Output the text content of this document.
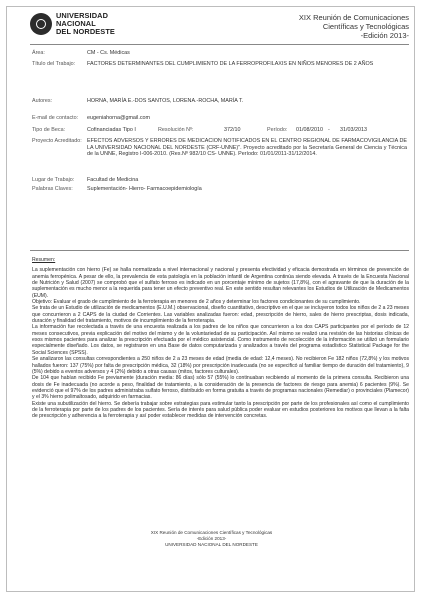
UNIVERSIDAD
NACIONAL
DEL NORDESTE
XIX Reunión de Comunicaciones
Científicas y Tecnológicas
-Edición 2013-
Área:	CM - Cs. Médicas
Título del Trabajo: FACTORES DETERMINANTES DEL CUMPLIMIENTO DE LA FERROPROFILAXIS EN NIÑOS MENORES DE 2 AÑOS
Autores:	HORNA, MARÍA E.-DOS SANTOS, LORENA.-ROCHA, MARÍA T.
E-mail de contacto: eugeniahorna@gmail.com
Tipo de Beca:	Cofinanciadas Tipo I	Resolución Nº:	372/10	Período: 01/08/2010 - 31/03/2013
Proyecto Acreditado: EFECTOS ADVERSOS Y ERRORES DE MEDICACION NOTIFICADOS EN EL CENTRO REGIONAL DE FARMACOVIGILANCIA DE LA UNIVERSIDAD NACIONAL DEL NORDESTE (CRF-UNNE)". Proyecto acreditado por la Secretaría General de Ciencia y Técnica de la UNNE, Registro I-006-2010. (Res.Nº 982/10 CS- UNNE). Período: 01/01/2011-31/12/2014.
Lugar de Trabajo: Facultad de Medicina
Palabras Claves:	Suplementación- Hierro- Farmacoepidemiología
Resumen:

La suplementación con hierro (Fe) se halla normatizada a nivel internacional y nacional y presenta efectividad y eficacia demostrada en términos de prevención de anemia ferropénica. A pesar de ello, la prevalencia de esta patología en la población infantil de Argentina continúa siendo elevada. A través de la Encuesta Nacional de Nutrición y Salud (2007) se comprobó que el sulfato ferroso es indicado en un porcentaje mínimo de sujetos (17,8%), con el agravante de que la duración de la suplementación es mucho menor a la requerida para tener un efecto preventivo real. En este sentido resultan relevantes los Estudios de Utilización de Medicamentos (EUM).

Objetivo: Evaluar el grado de cumplimiento de la ferroterapia en menores de 2 años y determinar los factores condicionantes de su cumplimiento.

Se trata de un Estudio de utilización de medicamentos (E.U.M.) observacional, diseño cuantitativo, descriptivo en el que se incluyeron todos los niños de 2 a 23 meses que concurrieron a 2 CAPS de la ciudad de Corrientes. Las variables analizadas fueron: edad, prescripción de hierro, sales de hierro prescriptas, dosis indicada, duración y finalidad del tratamiento, motivos de incumplimiento de la ferroterapia.

La información fue recolectada a través de una encuesta realizada a los padres de los niños que concurrieron a los dos CAPS participantes por el período de 12 meses consecutivos, previa explicación del motivo del mismo y de la voluntariedad de su participación. Así mismo se realizó una revisión de las historias clínicas de esos mismos pacientes para analizar la prescripción efectuada por el médico asistencial. Como instrumento de recolección de la información se utilizó un formulario especialmente diseñado. Los datos, se registraron en una Base de datos computarizada y analizados a través del programa estadístico Statistical Package for the Social Sciences (SPSS).

Se analizaron las consultas correspondientes a 250 niños de 2 a 23 meses de edad (media de edad: 12,4 meses). No recibieron Fe 182 niños (72,8%) y los motivos hallados fueron: 137 (75%) por falta de prescripción médica, 32 (18%) por prescripción inadecuada (no se especificó al familiar tiempo de duración del tratamiento), 9 (5%) debido a eventos adversos y 4 (2%) debido a otras causas (mitos, factores culturales).

De 104 que habían recibido Fe previamente (duración media: 86 días) sólo 57 (55%) lo continuaban recibiendo al momento de la primera consulta. Recibieron una dosis de Fe inadecuada (no acorde a peso, finalidad de tratamiento, a la consideración de la presencia de factores de riesgo para anemia) 6 pacientes (9%). Se evidenció que el 97% de los padres administraba sulfato ferroso, distribuido en forma gratuita a través de programas nacionales (Remediar) o provinciales (Plamecor) y el 3% hierro polimaltosado, adquirido en farmacias.

Existe una subutilización del hierro. Se debería trabajar sobre estrategias para estimular tanto la prescripción por parte de los profesionales así como el cumplimiento de la ferroterapia por parte de los padres de los pacientes. Sería de interés para salud pública poder evaluar en estudios posteriores los motivos que llevan a la falta de prescripción y adherencia a la ferroterapia y así poder establecer medidas de intervención concretas.

XIX Reunión de Comunicaciones Científicas y Tecnológicas
-Edición 2013-
UNIVERSIDAD NACIONAL DEL NORDESTE
